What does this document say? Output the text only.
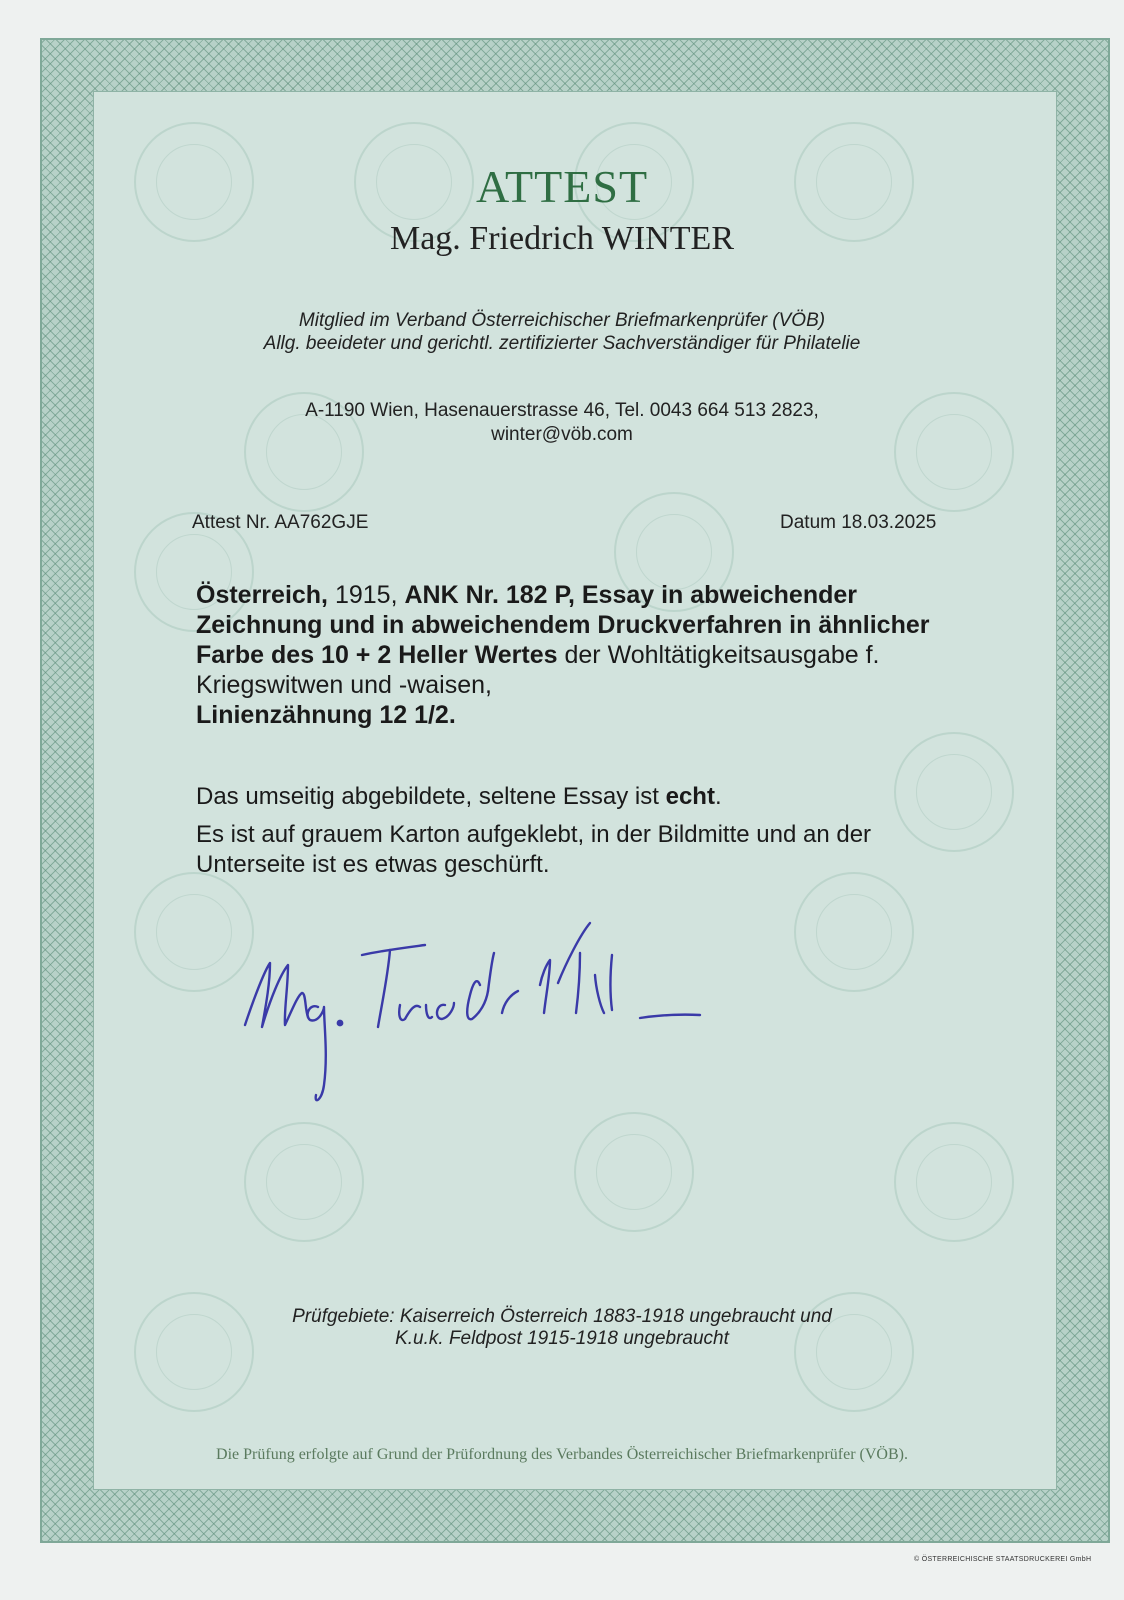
ATTEST
Mag. Friedrich WINTER
Mitglied im Verband Österreichischer Briefmarkenprüfer (VÖB)
Allg. beeideter und gerichtl. zertifizierter Sachverständiger für Philatelie
A-1190 Wien, Hasenauerstrasse 46, Tel. 0043 664 513 2823,
winter@vöb.com
Attest Nr. AA762GJE	Datum 18.03.2025
Österreich, 1915, ANK Nr. 182 P, Essay in abweichender Zeichnung und in abweichendem Druckverfahren in ähnlicher Farbe des 10 + 2 Heller Wertes der Wohltätigkeitsausgabe f. Kriegswitwen und -waisen,
Linienzähnung 12 1/2.
Das umseitig abgebildete, seltene Essay ist echt.
Es ist auf grauem Karton aufgeklebt, in der Bildmitte und an der Unterseite ist es etwas geschürft.
Prüfgebiete: Kaiserreich Österreich 1883-1918 ungebraucht und
K.u.k. Feldpost 1915-1918 ungebraucht
Die Prüfung erfolgte auf Grund der Prüfordnung des Verbandes Österreichischer Briefmarkenprüfer (VÖB).
© ÖSTERREICHISCHE STAATSDRUCKEREI GmbH
